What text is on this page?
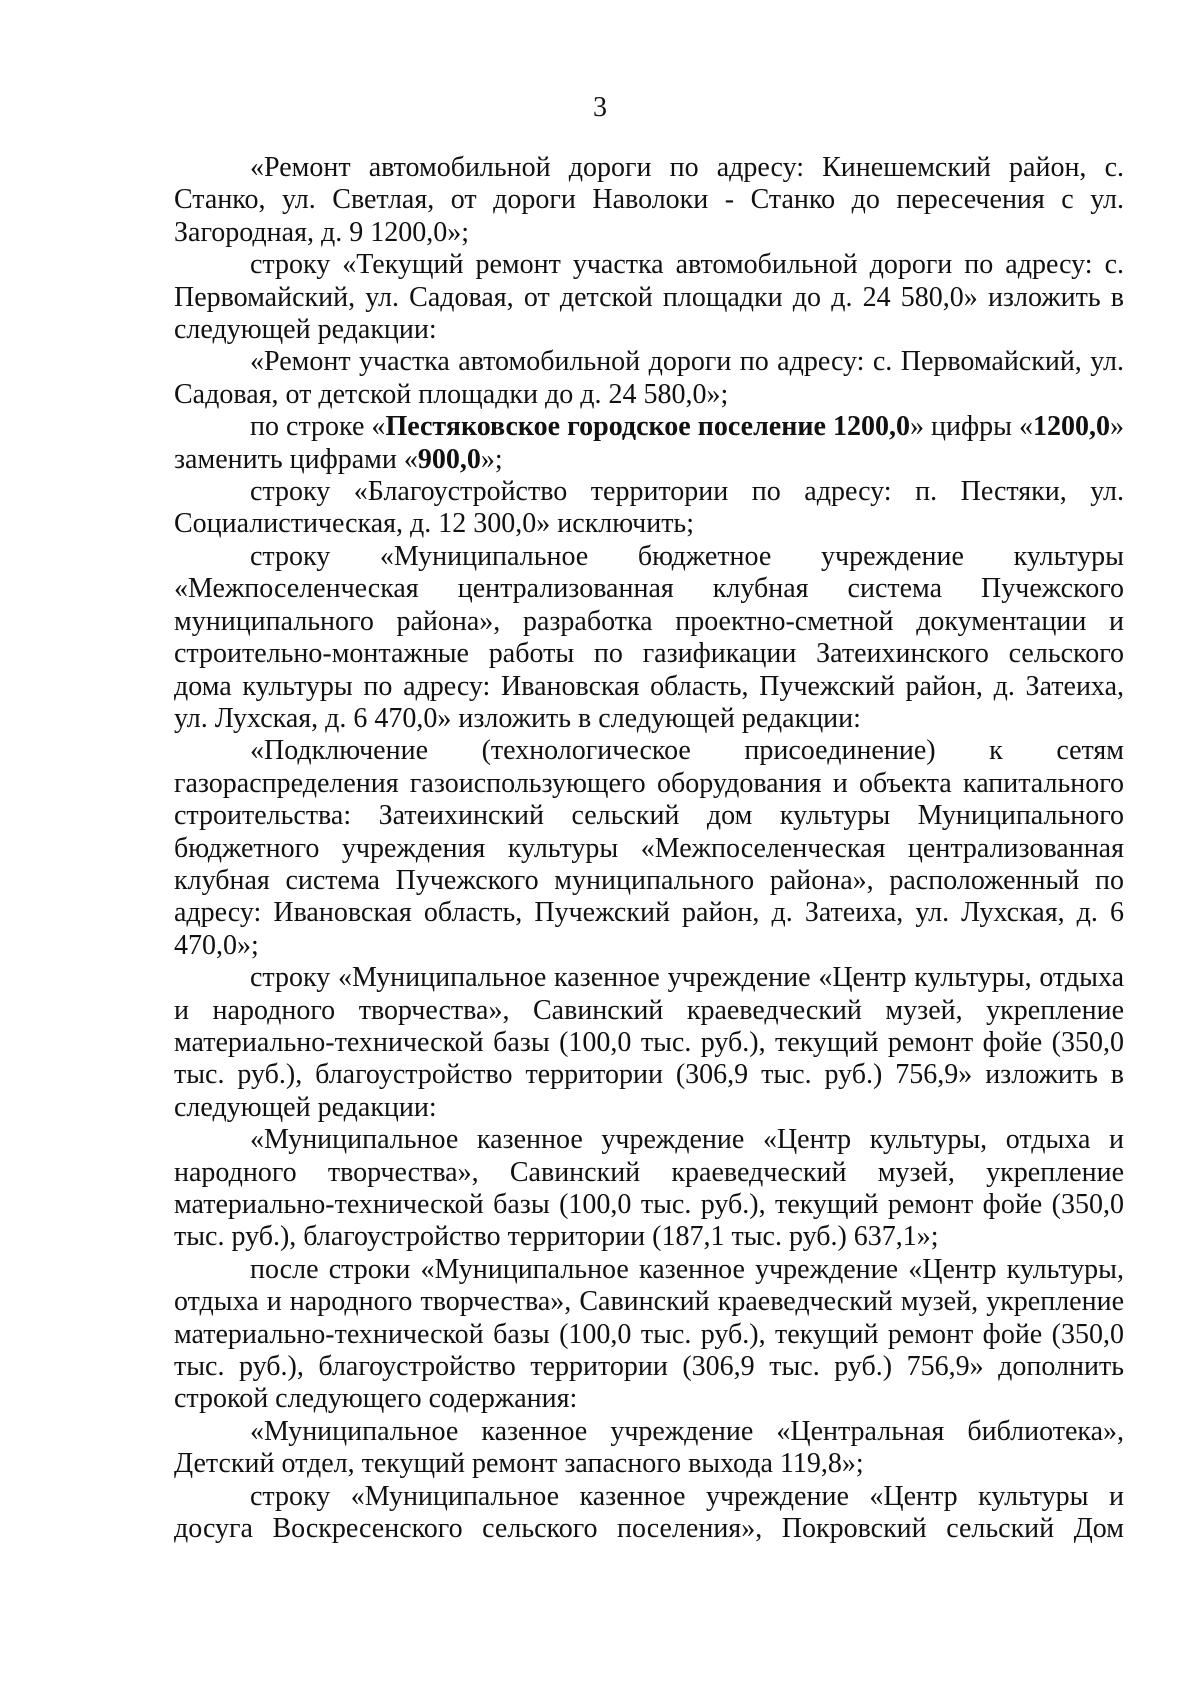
3

«Ремонт автомобильной дороги по адресу: Кинешемский район, с. Станко, ул. Светлая, от дороги Наволоки - Станко до пересечения с ул. Загородная, д. 9 1200,0»;

строку «Текущий ремонт участка автомобильной дороги по адресу: с. Первомайский, ул. Садовая, от детской площадки до д. 24 580,0» изложить в следующей редакции:

«Ремонт участка автомобильной дороги по адресу: с. Первомайский, ул. Садовая, от детской площадки до д. 24 580,0»;

по строке «Пестяковское городское поселение 1200,0» цифры «1200,0» заменить цифрами «900,0»;

строку «Благоустройство территории по адресу: п. Пестяки, ул. Социалистическая, д. 12 300,0» исключить;

строку «Муниципальное бюджетное учреждение культуры «Межпоселенческая централизованная клубная система Пучежского муниципального района», разработка проектно-сметной документации и строительно-монтажные работы по газификации Затеихинского сельского дома культуры по адресу: Ивановская область, Пучежский район, д. Затеиха, ул. Лухская, д. 6 470,0» изложить в следующей редакции:

«Подключение (технологическое присоединение) к сетям газораспределения газоиспользующего оборудования и объекта капитального строительства: Затеихинский сельский дом культуры Муниципального бюджетного учреждения культуры «Межпоселенческая централизованная клубная система Пучежского муниципального района», расположенный по адресу: Ивановская область, Пучежский район, д. Затеиха, ул. Лухская, д. 6 470,0»;

строку «Муниципальное казенное учреждение «Центр культуры, отдыха и народного творчества», Савинский краеведческий музей, укрепление материально-технической базы (100,0 тыс. руб.), текущий ремонт фойе (350,0 тыс. руб.), благоустройство территории (306,9 тыс. руб.) 756,9» изложить в следующей редакции:

«Муниципальное казенное учреждение «Центр культуры, отдыха и народного творчества», Савинский краеведческий музей, укрепление материально-технической базы (100,0 тыс. руб.), текущий ремонт фойе (350,0 тыс. руб.), благоустройство территории (187,1 тыс. руб.) 637,1»;

после строки «Муниципальное казенное учреждение «Центр культуры, отдыха и народного творчества», Савинский краеведческий музей, укрепление материально-технической базы (100,0 тыс. руб.), текущий ремонт фойе (350,0 тыс. руб.), благоустройство территории (306,9 тыс. руб.) 756,9» дополнить строкой следующего содержания:

«Муниципальное казенное учреждение «Центральная библиотека», Детский отдел, текущий ремонт запасного выхода 119,8»;

строку «Муниципальное казенное учреждение «Центр культуры и досуга Воскресенского сельского поселения», Покровский сельский Дом
